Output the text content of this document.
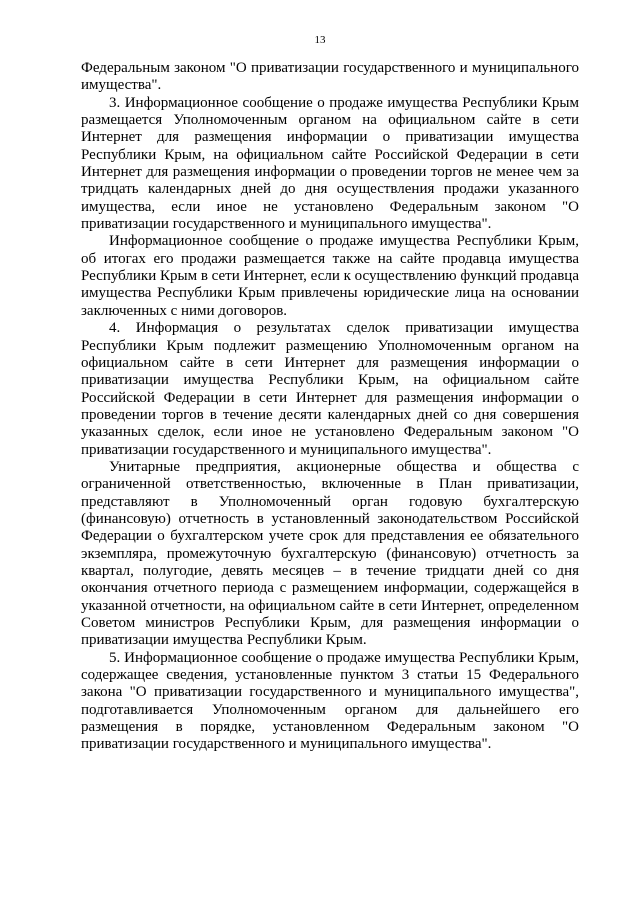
13

Федеральным законом "О приватизации государственного и муниципального имущества".

3. Информационное сообщение о продаже имущества Республики Крым размещается Уполномоченным органом на официальном сайте в сети Интернет для размещения информации о приватизации имущества Республики Крым, на официальном сайте Российской Федерации в сети Интернет для размещения информации о проведении торгов не менее чем за тридцать календарных дней до дня осуществления продажи указанного имущества, если иное не установлено Федеральным законом "О приватизации государственного и муниципального имущества".

Информационное сообщение о продаже имущества Республики Крым, об итогах его продажи размещается также на сайте продавца имущества Республики Крым в сети Интернет, если к осуществлению функций продавца имущества Республики Крым привлечены юридические лица на основании заключенных с ними договоров.

4. Информация о результатах сделок приватизации имущества Республики Крым подлежит размещению Уполномоченным органом на официальном сайте в сети Интернет для размещения информации о приватизации имущества Республики Крым, на официальном сайте Российской Федерации в сети Интернет для размещения информации о проведении торгов в течение десяти календарных дней со дня совершения указанных сделок, если иное не установлено Федеральным законом "О приватизации государственного и муниципального имущества".

Унитарные предприятия, акционерные общества и общества с ограниченной ответственностью, включенные в План приватизации, представляют в Уполномоченный орган годовую бухгалтерскую (финансовую) отчетность в установленный законодательством Российской Федерации о бухгалтерском учете срок для представления ее обязательного экземпляра, промежуточную бухгалтерскую (финансовую) отчетность за квартал, полугодие, девять месяцев – в течение тридцати дней со дня окончания отчетного периода с размещением информации, содержащейся в указанной отчетности, на официальном сайте в сети Интернет, определенном Советом министров Республики Крым, для размещения информации о приватизации имущества Республики Крым.

5. Информационное сообщение о продаже имущества Республики Крым, содержащее сведения, установленные пунктом 3 статьи 15 Федерального закона "О приватизации государственного и муниципального имущества", подготавливается Уполномоченным органом для дальнейшего его размещения в порядке, установленном Федеральным законом "О приватизации государственного и муниципального имущества".
